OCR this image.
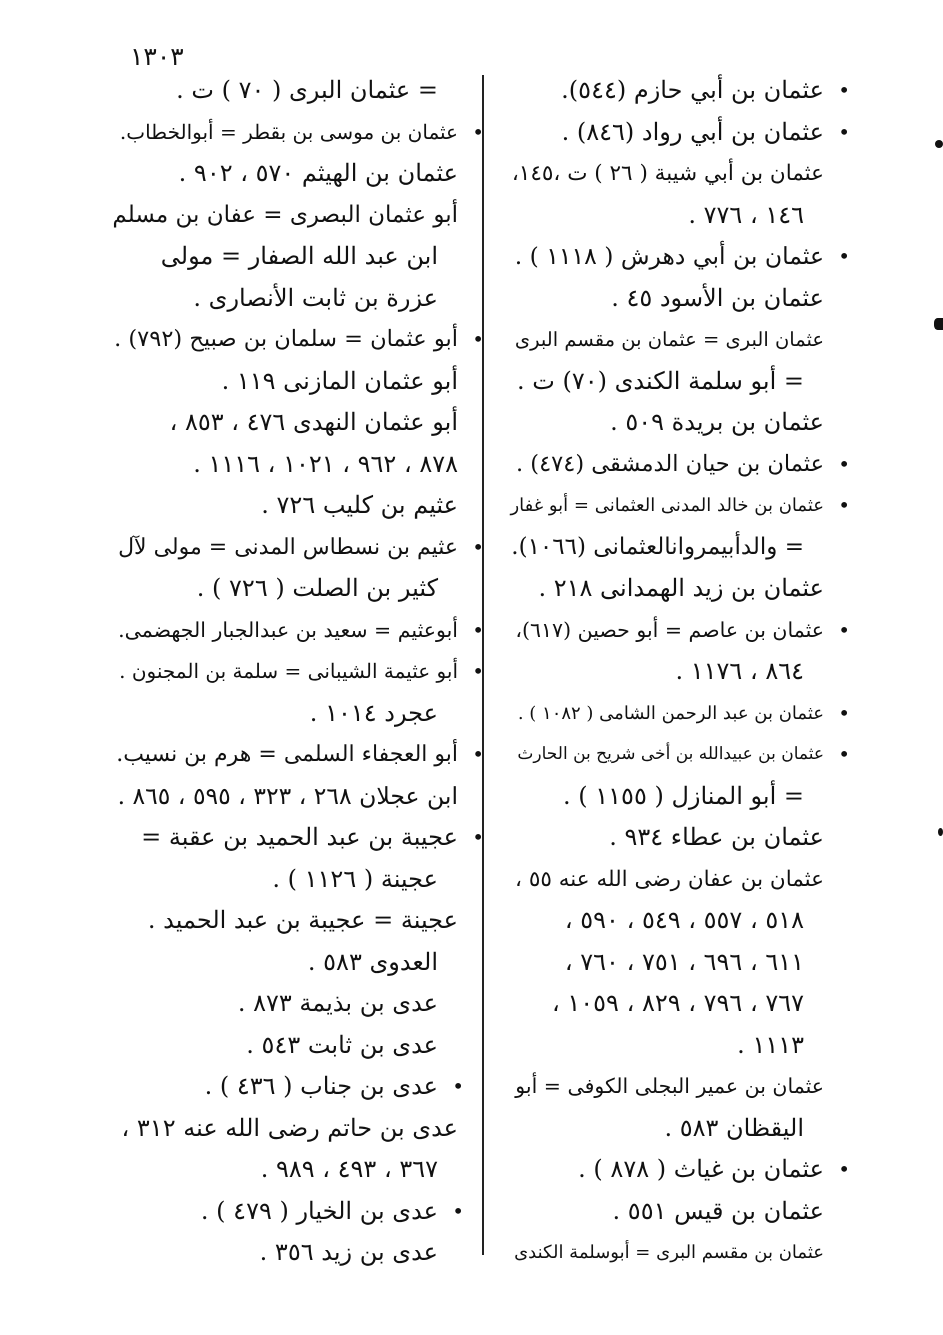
١٣٠٣
• عثمان بن أبي حازم (٥٤٤).
• عثمان بن أبي رواد (٨٤٦) .
عثمان بن أبي شيبة ( ٢٦ ) ت ،١٤٥،
١٤٦ ، ٧٧٦ .
• عثمان بن أبي دهرش ( ١١١٨ ) .
عثمان بن الأسود ٤٥ .
عثمان البرى = عثمان بن مقسم البرى
= أبو سلمة الكندى (٧٠) ت .
عثمان بن بريدة ٥٠٩ .
• عثمان بن حيان الدمشقى (٤٧٤) .
• عثمان بن خالد المدنى العثمانى = أبو غفار
= والدأبيمروانالعثمانى (١٠٦٦).
عثمان بن زيد الهمدانى ٢١٨ .
• عثمان بن عاصم = أبو حصين (٦١٧)،
٨٦٤ ، ١١٧٦ .
• عثمان بن عبد الرحمن الشامى ( ١٠٨٢ ) .
• عثمان بن عبيدالله بن أخى شريح بن الحارث
= أبو المنازل ( ١١٥٥ ) .
عثمان بن عطاء ٩٣٤ .
عثمان بن عفان رضى الله عنه ٥٥ ،
٥١٨ ، ٥٥٧ ، ٥٤٩ ، ٥٩٠ ،
٦١١ ، ٦٩٦ ، ٧٥١ ، ٧٦٠ ،
٧٦٧ ، ٧٩٦ ، ٨٢٩ ، ١٠٥٩ ،
١١١٣ .
عثمان بن عمير البجلى الكوفى = أبو
اليقظان ٥٨٣ .
• عثمان بن غياث ( ٨٧٨ ) .
عثمان بن قيس ٥٥١ .
عثمان بن مقسم البرى = أبوسلمة الكندى
= عثمان البرى ( ٧٠ ) ت .
• عثمان بن موسى بن بقطر = أبوالخطاب.
عثمان بن الهيثم ٥٧٠ ، ٩٠٢ .
أبو عثمان البصرى = عفان بن مسلم
ابن عبد الله الصفار = مولى
عزرة بن ثابت الأنصارى .
• أبو عثمان = سلمان بن صبيح (٧٩٢) .
أبو عثمان المازنى ١١٩ .
أبو عثمان النهدى ٤٧٦ ، ٨٥٣ ،
٨٧٨ ، ٩٦٢ ، ١٠٢١ ، ١١١٦ .
عثيم بن كليب ٧٢٦ .
• عثيم بن نسطاس المدنى = مولى لآل
كثير بن الصلت ( ٧٢٦ ) .
• أبوعثيم = سعيد بن عبدالجبار الجهضمى.
• أبو عثيمة الشيبانى = سلمة بن المجنون .
عجرد ١٠١٤ .
• أبو العجفاء السلمى = هرم بن نسيب.
ابن عجلان ٢٦٨ ، ٣٢٣ ، ٥٩٥ ، ٨٦٥ .
• عجيبة بن عبد الحميد بن عقبة =
عجينة ( ١١٢٦ ) .
عجينة = عجيبة بن عبد الحميد .
العدوى ٥٨٣ .
عدى بن بذيمة ٨٧٣ .
عدى بن ثابت ٥٤٣ .
• عدى بن جناب ( ٤٣٦ ) .
عدى بن حاتم رضى الله عنه ٣١٢ ،
٣٦٧ ، ٤٩٣ ، ٩٨٩ .
• عدى بن الخيار ( ٤٧٩ ) .
عدى بن زيد ٣٥٦ .
